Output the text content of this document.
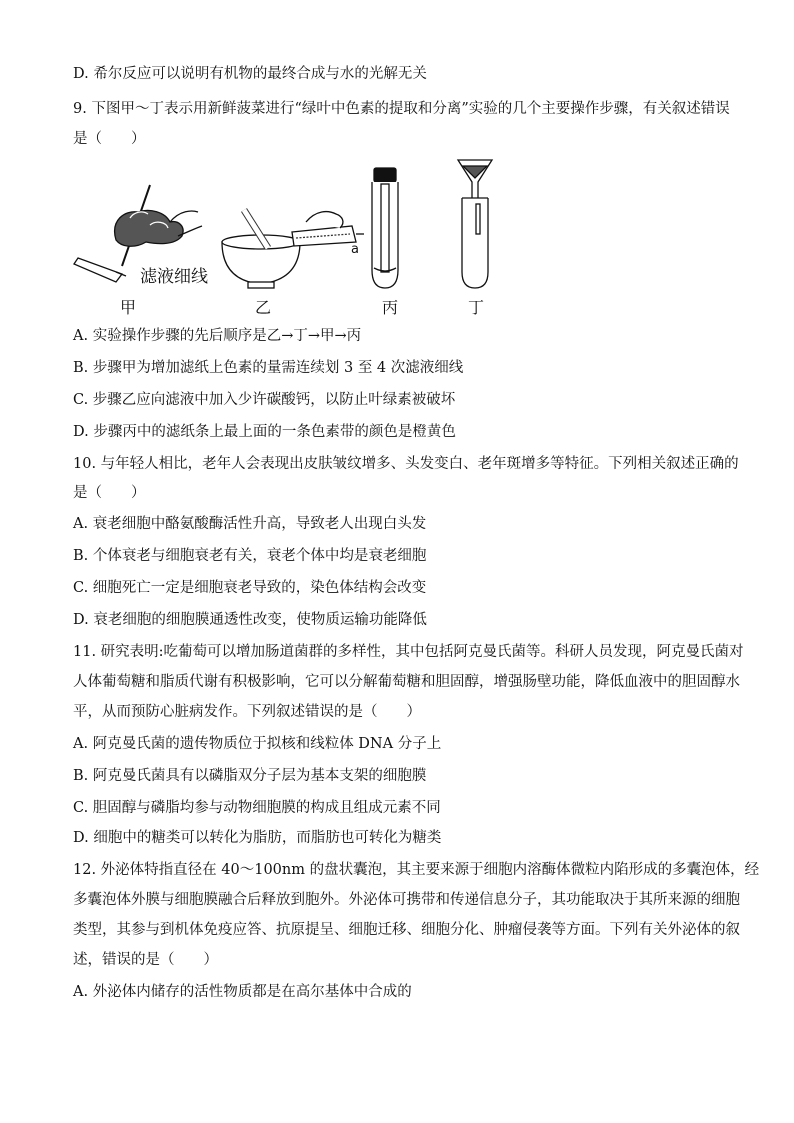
D. 希尔反应可以说明有机物的最终合成与水的光解无关
9. 下图甲～丁表示用新鲜菠菜进行“绿叶中色素的提取和分离”实验的几个主要操作步骤，有关叙述错误
是（　　）
滤液细线
a
甲	乙	丙	丁
A. 实验操作步骤的先后顺序是乙→丁→甲→丙
B. 步骤甲为增加滤纸上色素的量需连续划 3 至 4 次滤液细线
C. 步骤乙应向滤液中加入少许碳酸钙，以防止叶绿素被破坏
D. 步骤丙中的滤纸条上最上面的一条色素带的颜色是橙黄色
10. 与年轻人相比，老年人会表现出皮肤皱纹增多、头发变白、老年斑增多等特征。下列相关叙述正确的
是（　　）
A. 衰老细胞中酪氨酸酶活性升高，导致老人出现白头发
B. 个体衰老与细胞衰老有关，衰老个体中均是衰老细胞
C. 细胞死亡一定是细胞衰老导致的，染色体结构会改变
D. 衰老细胞的细胞膜通透性改变，使物质运输功能降低
11. 研究表明:吃葡萄可以增加肠道菌群的多样性，其中包括阿克曼氏菌等。科研人员发现，阿克曼氏菌对
人体葡萄糖和脂质代谢有积极影响，它可以分解葡萄糖和胆固醇，增强肠壁功能，降低血液中的胆固醇水
平，从而预防心脏病发作。下列叙述错误的是（　　）
A. 阿克曼氏菌的遗传物质位于拟核和线粒体 DNA 分子上
B. 阿克曼氏菌具有以磷脂双分子层为基本支架的细胞膜
C. 胆固醇与磷脂均参与动物细胞膜的构成且组成元素不同
D. 细胞中的糖类可以转化为脂肪，而脂肪也可转化为糖类
12. 外泌体特指直径在 40～100nm 的盘状囊泡，其主要来源于细胞内溶酶体微粒内陷形成的多囊泡体，经
多囊泡体外膜与细胞膜融合后释放到胞外。外泌体可携带和传递信息分子，其功能取决于其所来源的细胞
类型，其参与到机体免疫应答、抗原提呈、细胞迁移、细胞分化、肿瘤侵袭等方面。下列有关外泌体的叙
述，错误的是（　　）
A. 外泌体内储存的活性物质都是在高尔基体中合成的
